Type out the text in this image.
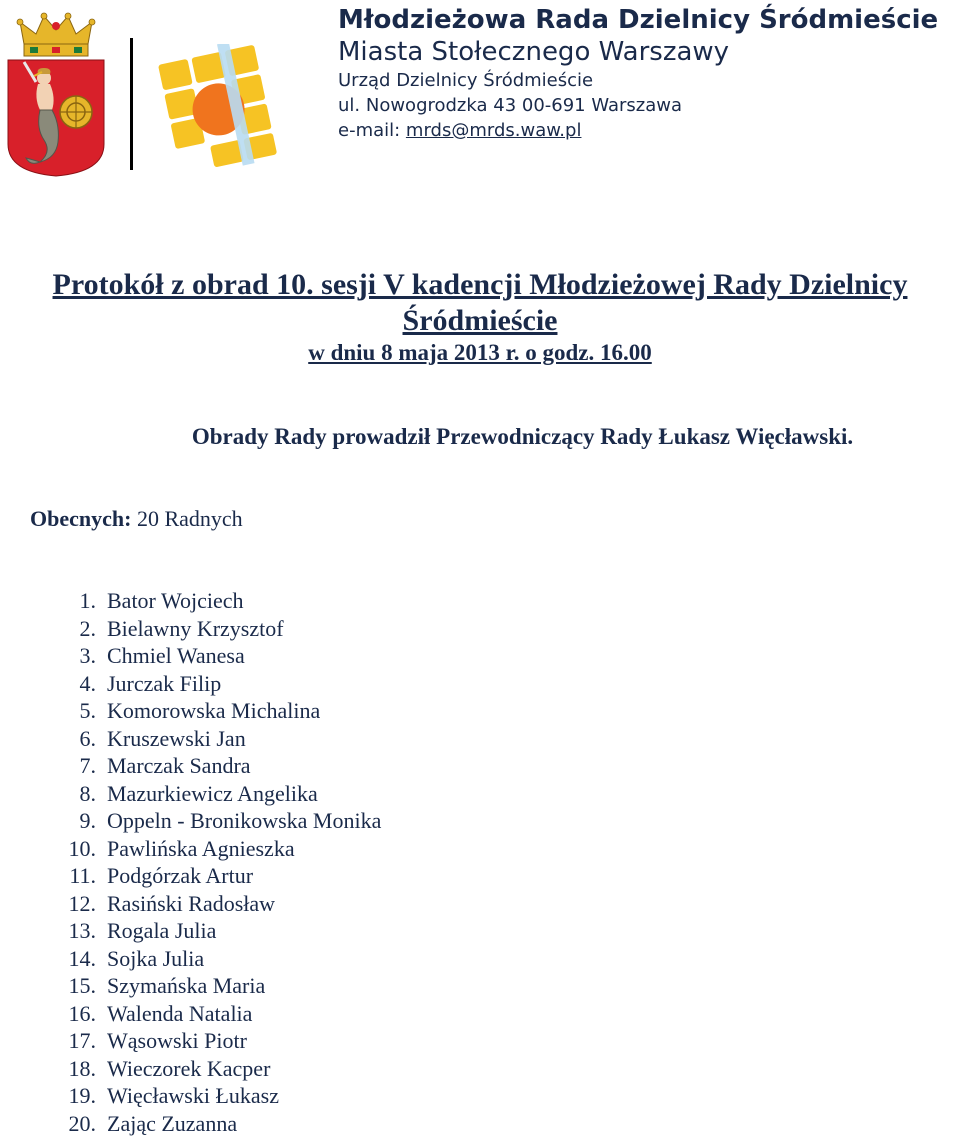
Młodzieżowa Rada Dzielnicy Śródmieście
Miasta Stołecznego Warszawy
Urząd Dzielnicy Śródmieście
ul. Nowogrodzka 43 00-691 Warszawa
e-mail: mrds@mrds.waw.pl
Protokół z obrad 10. sesji V kadencji Młodzieżowej Rady Dzielnicy
Śródmieście
w dniu 8 maja 2013 r. o godz. 16.00
Obrady Rady prowadził Przewodniczący Rady Łukasz Więcławski.
Obecnych: 20 Radnych
1. Bator Wojciech
2. Bielawny Krzysztof
3. Chmiel Wanesa
4. Jurczak Filip
5. Komorowska Michalina
6. Kruszewski Jan
7. Marczak Sandra
8. Mazurkiewicz Angelika
9. Oppeln - Bronikowska Monika
10. Pawlińska Agnieszka
11. Podgórzak Artur
12. Rasiński Radosław
13. Rogala Julia
14. Sojka Julia
15. Szymańska Maria
16. Walenda Natalia
17. Wąsowski Piotr
18. Wieczorek Kacper
19. Więcławski Łukasz
20. Zając Zuzanna
